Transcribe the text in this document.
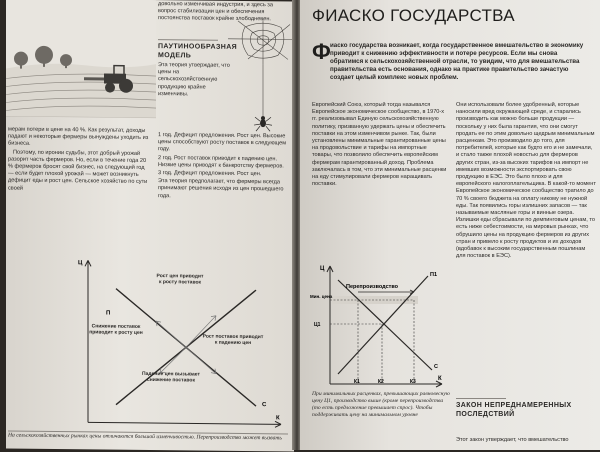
довольно изменчивая индустрия, и здесь за вопрос стабилизации цен и обеспечения постоянства поставок крайне злободневен.
ПАУТИНООБРАЗНАЯ МОДЕЛЬ
Эта теория утверждает, что цены на сельскохозяйственную продукцию крайне изменчивы.

1 год. Дефицит предложения. Рост цен. Высокие цены способствуют росту поставок в следующем году.

2 год. Рост поставок приводит к падению цен. Низкие цены приводят к банкротству фермеров.

3 год. Дефицит предложения. Рост цен.

Эта теория предполагает, что фермеры всегда принимают решения исходя из цен прошедшего года.

мерам потери в цене на 40 %. Как результат, доходы падают и некоторые фермеры вынуждены уходить из бизнеса.

Поэтому, по иронии судьбы, этот добрый урожай разорит часть фермеров. Но, если в течение года 20 % фермеров бросят свой бизнес, на следующий год — если будет плохой урожай — может возникнуть дефицит еды и рост цен. Сельское хозяйство по сути своей

Ц
К
П
С
Рост цен приводит к росту поставок
Снижение поставок приводит к росту цен
Рост поставок приводит к падению цен
Падение цен вызывает снижение поставок
На сельскохозяйственных рынках цены отличаются большой изменчивостью. Перепроизводство может вызвать
ФИАСКО ГОСУДАРСТВА
Ф иаско государства возникает, когда государственное вмешательство в экономику приводит к снижению эффективности и потере ресурсов. Если мы снова обратимся к сельскохозяйственной отрасли, то увидим, что для вмешательства правительства есть основания, однако на практике правительство зачастую создает целый комплекс новых проблем.
Европейский Союз, который тогда назывался Европейское экономическое сообщество, в 1970-х гг. реализовывал Единую сельскохозяйственную политику, призванную удержать цены и обеспечить поставки на этом изменчивом рынке. Так, были установлены минимальные гарантированные цены на продовольствие и тарифы на импортные товары, что позволило обеспечить европейским фермерам гарантированный доход. Проблема заключалась в том, что эти минимальные расценки на еду стимулировали фермеров наращивать поставки.
Они использовали более удобренный, которые наносили вред окружающей среде, и старались производить как можно больше продукции — поскольку у них была гарантия, что они смогут продать ее по этим довольно щедрым минимальным расценкам. Это производило до того, для потребителей, которые как будто его и не замечали, и стало также плохой новостью для фермеров других стран, из-за высоких тарифов на импорт не имевших возможности экспортировать свою продукцию в ЕЭС. Это было плохо и для европейского налогоплательщика. В какой-то момент Европейское экономическое сообщество тратило до 70 % своего бюджета на оплату никому не нужной еды. Так появились горы излишних запасов — так называемые масляные горы и винные озера. Излишки еды сбрасывали по демпинговым ценам, то есть ниже себестоимости, на мировых рынках, что обрушило цены на продукцию фермеров из других стран и привело к росту продуктов и их доходов (вдобавок к высоким государственным пошлинам для поставок в ЕЭС).
Ц
К
Перепроизводство
Мин. цена
Ц1
П1
С
К1	К2	К3
При минимальных расценках, превышающих равновесную цену Ц1, производство выше (кроме перепроизводства (то есть предложение превышает спрос). Чтобы поддерживать цену на минимальном уровне
ЗАКОН НЕПРЕДНАМЕРЕННЫХ ПОСЛЕДСТВИЙ
Этот закон утверждает, что вмешательство
